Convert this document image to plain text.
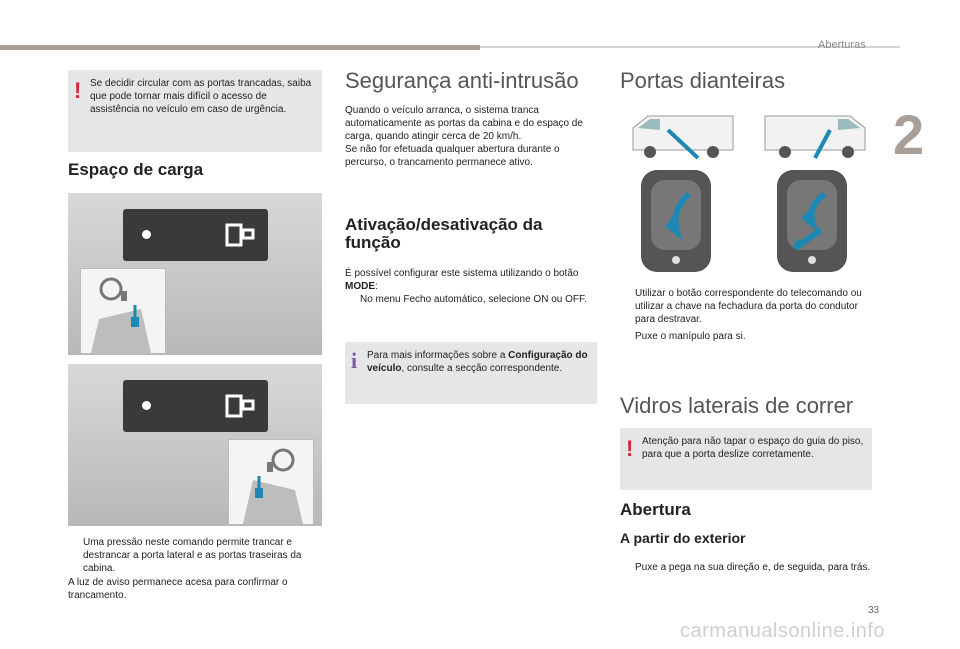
Aberturas
2
33
carmanualsonline.info
! Se decidir circular com as portas trancadas, saiba que pode tornar mais difícil o acesso de assistência no veículo em caso de urgência.

Espaço de carga
Uma pressão neste comando permite trancar e destrancar a porta lateral e as portas traseiras da cabina.

A luz de aviso permanece acesa para confirmar o trancamento.

Segurança anti-intrusão

Quando o veículo arranca, o sistema tranca automaticamente as portas da cabina e do espaço de carga, quando atingir cerca de 20 km/h.

Se não for efetuada qualquer abertura durante o percurso, o trancamento permanece ativo.

Ativação/desativação da função

É possível configurar este sistema utilizando o botão MODE:

No menu Fecho automático, selecione ON ou OFF.
i Para mais informações sobre a Configuração do veículo, consulte a secção correspondente.

Portas dianteiras
Utilizar o botão correspondente do telecomando ou utilizar a chave na fechadura da porta do condutor para destravar.
Puxe o manípulo para si.
Vidros laterais de correr
! Atenção para não tapar o espaço do guia do piso, para que a porta deslize corretamente.

Abertura
A partir do exterior
Puxe a pega na sua direção e, de seguida, para trás.
